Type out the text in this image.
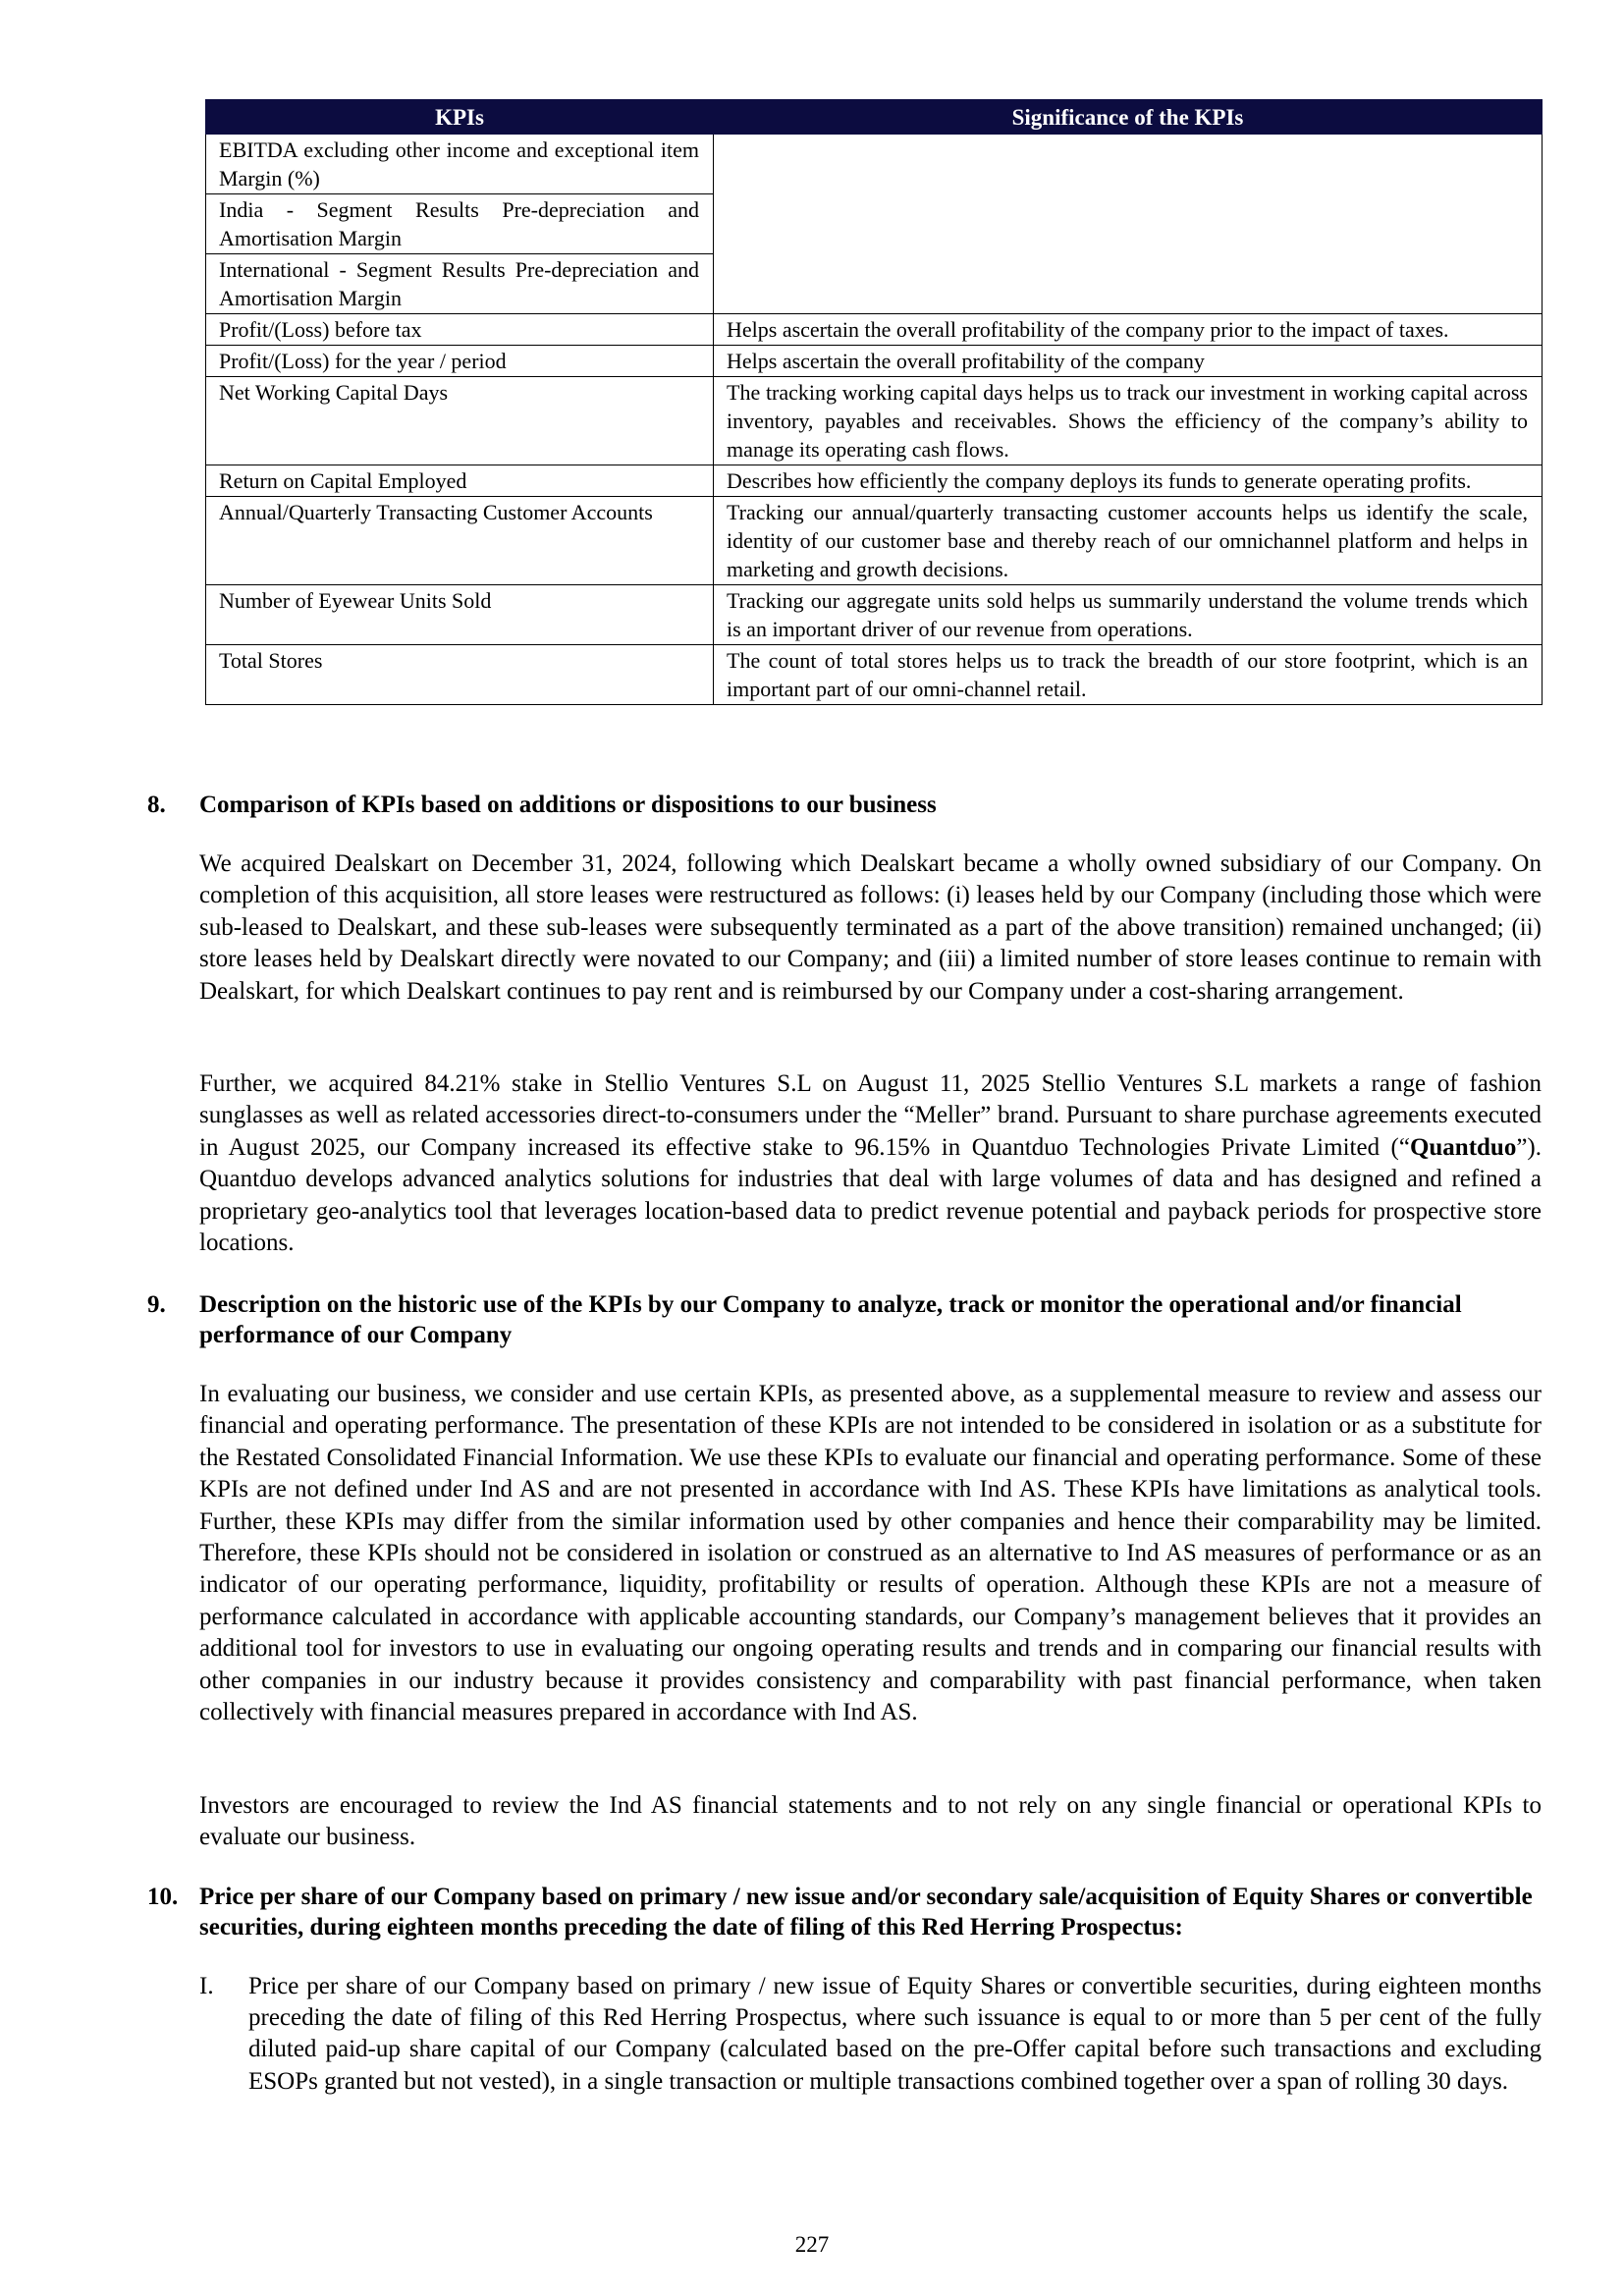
KPIs	Significance of the KPIs
EBITDA excluding other income and exceptional item Margin (%)	
India - Segment Results Pre-depreciation and Amortisation Margin	
International - Segment Results Pre-depreciation and Amortisation Margin	
Profit/(Loss) before tax	Helps ascertain the overall profitability of the company prior to the impact of taxes.
Profit/(Loss) for the year / period	Helps ascertain the overall profitability of the company
Net Working Capital Days	The tracking working capital days helps us to track our investment in working capital across inventory, payables and receivables. Shows the efficiency of the company’s ability to manage its operating cash flows.
Return on Capital Employed	Describes how efficiently the company deploys its funds to generate operating profits.
Annual/Quarterly Transacting Customer Accounts	Tracking our annual/quarterly transacting customer accounts helps us identify the scale, identity of our customer base and thereby reach of our omnichannel platform and helps in marketing and growth decisions.
Number of Eyewear Units Sold	Tracking our aggregate units sold helps us summarily understand the volume trends which is an important driver of our revenue from operations.
Total Stores	The count of total stores helps us to track the breadth of our store footprint, which is an important part of our omni-channel retail.
8. Comparison of KPIs based on additions or dispositions to our business
We acquired Dealskart on December 31, 2024, following which Dealskart became a wholly owned subsidiary of our Company. On completion of this acquisition, all store leases were restructured as follows: (i) leases held by our Company (including those which were sub-leased to Dealskart, and these sub-leases were subsequently terminated as a part of the above transition) remained unchanged; (ii) store leases held by Dealskart directly were novated to our Company; and (iii) a limited number of store leases continue to remain with Dealskart, for which Dealskart continues to pay rent and is reimbursed by our Company under a cost-sharing arrangement.
Further, we acquired 84.21% stake in Stellio Ventures S.L on August 11, 2025 Stellio Ventures S.L markets a range of fashion sunglasses as well as related accessories direct-to-consumers under the “Meller” brand. Pursuant to share purchase agreements executed in August 2025, our Company increased its effective stake to 96.15% in Quantduo Technologies Private Limited (“Quantduo”). Quantduo develops advanced analytics solutions for industries that deal with large volumes of data and has designed and refined a proprietary geo-analytics tool that leverages location-based data to predict revenue potential and payback periods for prospective store locations.
9. Description on the historic use of the KPIs by our Company to analyze, track or monitor the operational and/or financial performance of our Company
In evaluating our business, we consider and use certain KPIs, as presented above, as a supplemental measure to review and assess our financial and operating performance. The presentation of these KPIs are not intended to be considered in isolation or as a substitute for the Restated Consolidated Financial Information. We use these KPIs to evaluate our financial and operating performance. Some of these KPIs are not defined under Ind AS and are not presented in accordance with Ind AS. These KPIs have limitations as analytical tools. Further, these KPIs may differ from the similar information used by other companies and hence their comparability may be limited. Therefore, these KPIs should not be considered in isolation or construed as an alternative to Ind AS measures of performance or as an indicator of our operating performance, liquidity, profitability or results of operation. Although these KPIs are not a measure of performance calculated in accordance with applicable accounting standards, our Company’s management believes that it provides an additional tool for investors to use in evaluating our ongoing operating results and trends and in comparing our financial results with other companies in our industry because it provides consistency and comparability with past financial performance, when taken collectively with financial measures prepared in accordance with Ind AS.
Investors are encouraged to review the Ind AS financial statements and to not rely on any single financial or operational KPIs to evaluate our business.
10. Price per share of our Company based on primary / new issue and/or secondary sale/acquisition of Equity Shares or convertible securities, during eighteen months preceding the date of filing of this Red Herring Prospectus:
I. Price per share of our Company based on primary / new issue of Equity Shares or convertible securities, during eighteen months preceding the date of filing of this Red Herring Prospectus, where such issuance is equal to or more than 5 per cent of the fully diluted paid-up share capital of our Company (calculated based on the pre-Offer capital before such transactions and excluding ESOPs granted but not vested), in a single transaction or multiple transactions combined together over a span of rolling 30 days.
227
